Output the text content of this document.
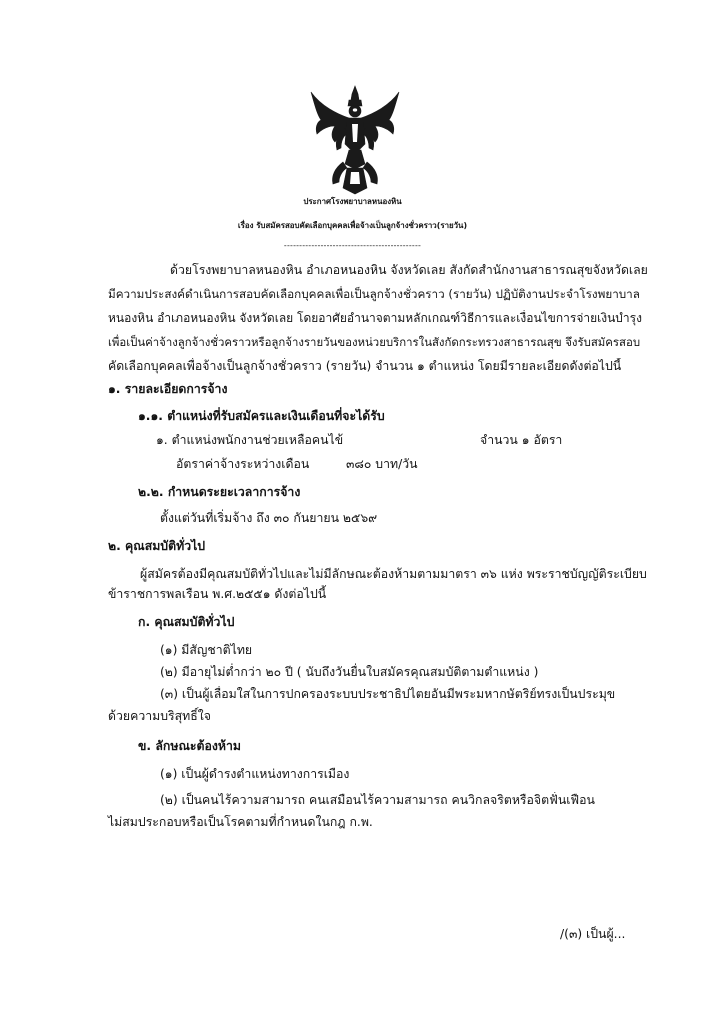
ประกาศโรงพยาบาลหนองหิน
เรื่อง รับสมัครสอบคัดเลือกบุคคลเพื่อจ้างเป็นลูกจ้างชั่วคราว(รายวัน)
---------------------------------------------
ด้วยโรงพยาบาลหนองหิน อำเภอหนองหิน จังหวัดเลย สังกัดสำนักงานสาธารณสุขจังหวัดเลย
มีความประสงค์ดำเนินการสอบคัดเลือกบุคคลเพื่อเป็นลูกจ้างชั่วคราว (รายวัน) ปฏิบัติงานประจำโรงพยาบาล
หนองหิน อำเภอหนองหิน จังหวัดเลย โดยอาศัยอำนาจตามหลักเกณฑ์วิธีการและเงื่อนไขการจ่ายเงินบำรุง
เพื่อเป็นค่าจ้างลูกจ้างชั่วคราวหรือลูกจ้างรายวันของหน่วยบริการในสังกัดกระทรวงสาธารณสุข จึงรับสมัครสอบ
คัดเลือกบุคคลเพื่อจ้างเป็นลูกจ้างชั่วคราว (รายวัน) จำนวน ๑ ตำแหน่ง โดยมีรายละเอียดดังต่อไปนี้
๑. รายละเอียดการจ้าง
๑.๑. ตำแหน่งที่รับสมัครและเงินเดือนที่จะได้รับ
๑. ตำแหน่งพนักงานช่วยเหลือคนไข้	จำนวน ๑ อัตรา
อัตราค่าจ้างระหว่างเดือน	๓๘๐ บาท/วัน
๒.๒. กำหนดระยะเวลาการจ้าง
ตั้งแต่วันที่เริ่มจ้าง ถึง ๓๐ กันยายน ๒๕๖๙
๒. คุณสมบัติทั่วไป
ผู้สมัครต้องมีคุณสมบัติทั่วไปและไม่มีลักษณะต้องห้ามตามมาตรา ๓๖ แห่ง พระราชบัญญัติระเบียบ
ข้าราชการพลเรือน พ.ศ.๒๕๕๑ ดังต่อไปนี้
ก. คุณสมบัติทั่วไป
(๑) มีสัญชาติไทย
(๒) มีอายุไม่ต่ำกว่า ๒๐ ปี ( นับถึงวันยื่นใบสมัครคุณสมบัติตามตำแหน่ง )
(๓) เป็นผู้เลื่อมใสในการปกครองระบบประชาธิปไตยอันมีพระมหากษัตริย์ทรงเป็นประมุข
ด้วยความบริสุทธิ์ใจ
ข. ลักษณะต้องห้าม
(๑) เป็นผู้ดำรงตำแหน่งทางการเมือง
(๒) เป็นคนไร้ความสามารถ คนเสมือนไร้ความสามารถ คนวิกลจริตหรือจิตฟั่นเฟือน
ไม่สมประกอบหรือเป็นโรคตามที่กำหนดในกฎ ก.พ.
/(๓) เป็นผู้...
